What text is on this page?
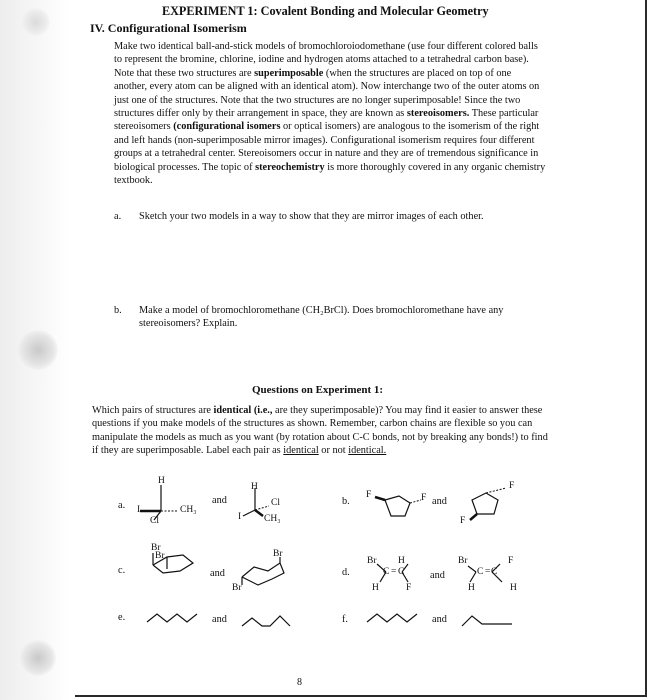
EXPERIMENT 1: Covalent Bonding and Molecular Geometry
IV. Configurational Isomerism
Make two identical ball-and-stick models of bromochloroiodomethane (use four different colored balls to represent the bromine, chlorine, iodine and hydrogen atoms attached to a tetrahedral carbon base). Note that these two structures are superimposable (when the structures are placed on top of one another, every atom can be aligned with an identical atom). Now interchange two of the outer atoms on just one of the structures. Note that the two structures are no longer superimposable! Since the two structures differ only by their arrangement in space, they are known as stereoisomers. These particular stereoisomers (configurational isomers or optical isomers) are analogous to the isomerism of the right and left hands (non-superimposable mirror images). Configurational isomerism requires four different groups at a tetrahedral center. Stereoisomers occur in nature and they are of tremendous significance in biological processes. The topic of stereochemistry is more thoroughly covered in any organic chemistry textbook.
a. Sketch your two models in a way to show that they are mirror images of each other.
b. Make a model of bromochloromethane (CH₂BrCl). Does bromochloromethane have any stereoisomers? Explain.
Questions on Experiment 1:
Which pairs of structures are identical (i.e., are they superimposable)? You may find it easier to answer these questions if you make models of the structures as shown. Remember, carbon chains are flexible so you can manipulate the models as much as you want (by rotation about C-C bonds, not by breaking any bonds!) to find if they are superimposable. Label each pair as identical or not identical.
a.
H
I	CH₃
Cl
and
H
I
Cl
CH₃
b.
F	F and
F
F
c.
Br
Br
and
Br
Br
d.
Br H
C = C
H	F
and
Br	F
C = C
H	H
e.	and	f.	and
8
